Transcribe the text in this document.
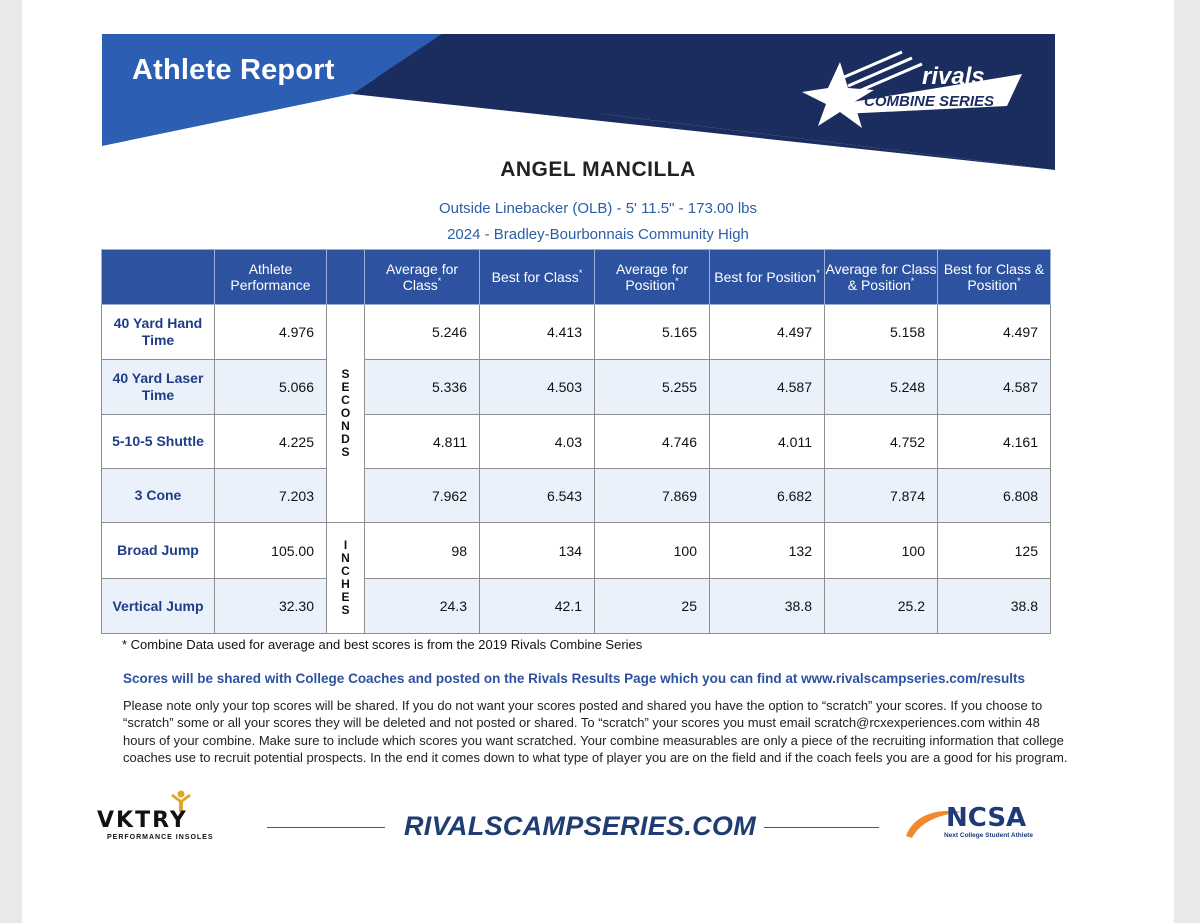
Athlete Report	rivals
COMBINE SERIES
ANGEL MANCILLA
Outside Linebacker (OLB) - 5' 11.5" - 173.00 lbs
2024 - Bradley-Bourbonnais Community High
	Athlete Performance		Average for Class*	Best for Class*	Average for Position*	Best for Position*	Average for Class & Position*	Best for Class & Position*
40 Yard Hand Time	4.976	SECONDS	5.246	4.413	5.165	4.497	5.158	4.497
40 Yard Laser Time	5.066		5.336	4.503	5.255	4.587	5.248	4.587
5-10-5 Shuttle	4.225		4.811	4.03	4.746	4.011	4.752	4.161
3 Cone	7.203		7.962	6.543	7.869	6.682	7.874	6.808
Broad Jump	105.00	INCHES	98	134	100	132	100	125
Vertical Jump	32.30		24.3	42.1	25	38.8	25.2	38.8
* Combine Data used for average and best scores is from the 2019 Rivals Combine Series
Scores will be shared with College Coaches and posted on the Rivals Results Page which you can find at www.rivalscampseries.com/results
Please note only your top scores will be shared. If you do not want your scores posted and shared you have the option to “scratch” your scores. If you choose to “scratch” some or all your scores they will be deleted and not posted or shared. To “scratch” your scores you must email scratch@rcxexperiences.com within 48 hours of your combine. Make sure to include which scores you want scratched. Your combine measurables are only a piece of the recruiting information that college coaches use to recruit potential prospects. In the end it comes down to what type of player you are on the field and if the coach feels you are a good for his program.
VKTRY
PERFORMANCE INSOLES	RIVALSCAMPSERIES.COM	NCSA
Next College Student Athlete
